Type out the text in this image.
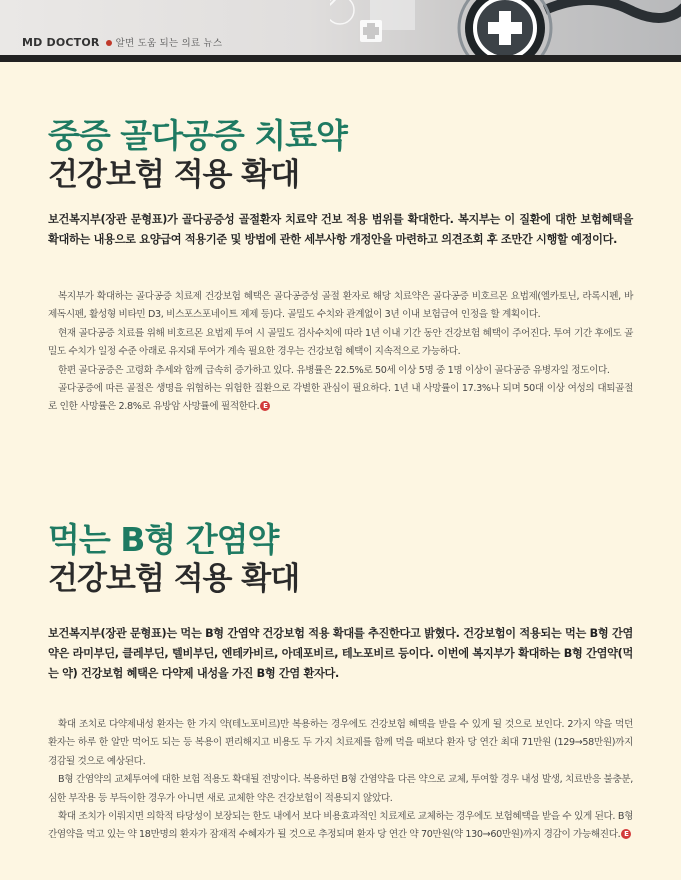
MD DOCTOR 알면 도움 되는 의료 뉴스
중증 골다공증 치료약
건강보험 적용 확대

보건복지부(장관 문형표)가 골다공증성 골절환자 치료약 건보 적용 범위를 확대한다. 복지부는 이 질환에 대한 보험혜택을 확대하는 내용으로 요양급여 적용기준 및 방법에 관한 세부사항 개정안을 마련하고 의견조회 후 조만간 시행할 예정이다.

복지부가 확대하는 골다공증 치료제 건강보험 혜택은 골다공증성 골절 환자로 해당 치료약은 골다공증 비호르몬 요법제(엘카토닌, 라록시펜, 바제독시펜, 활성형 비타민 D3, 비스포스포네이트 제제 등)다. 골밀도 수치와 관계없이 3년 이내 보험급여 인정을 할 계획이다.

현재 골다공증 치료를 위해 비호르몬 요법제 투여 시 골밀도 검사수치에 따라 1년 이내 기간 동안 건강보험 혜택이 주어진다. 투여 기간 후에도 골밀도 수치가 일정 수준 아래로 유지돼 투여가 계속 필요한 경우는 건강보험 혜택이 지속적으로 가능하다.

한편 골다공증은 고령화 추세와 함께 급속히 증가하고 있다. 유병률은 22.5%로 50세 이상 5명 중 1명 이상이 골다공증 유병자일 정도이다.

골다공증에 따른 골절은 생명을 위협하는 위험한 질환으로 각별한 관심이 필요하다. 1년 내 사망률이 17.3%나 되며 50대 이상 여성의 대퇴골절로 인한 사망률은 2.8%로 유방암 사망률에 필적한다. E

먹는 B형 간염약
건강보험 적용 확대

보건복지부(장관 문형표)는 먹는 B형 간염약 건강보험 적용 확대를 추진한다고 밝혔다. 건강보험이 적용되는 먹는 B형 간염약은 라미부딘, 클레부딘, 텔비부딘, 엔테카비르, 아데포비르, 테노포비르 등이다. 이번에 복지부가 확대하는 B형 간염약(먹는 약) 건강보험 혜택은 다약제 내성을 가진 B형 간염 환자다.

확대 조치로 다약제내성 환자는 한 가지 약(테노포비르)만 복용하는 경우에도 건강보험 혜택을 받을 수 있게 될 것으로 보인다. 2가지 약을 먹던 환자는 하루 한 알만 먹어도 되는 등 복용이 편리해지고 비용도 두 가지 치료제를 함께 먹을 때보다 환자 당 연간 최대 71만원 (129→58만원)까지 경감될 것으로 예상된다.

B형 간염약의 교체투여에 대한 보험 적용도 확대될 전망이다. 복용하던 B형 간염약을 다른 약으로 교체, 투여할 경우 내성 발생, 치료반응 불충분, 심한 부작용 등 부득이한 경우가 아니면 새로 교체한 약은 건강보험이 적용되지 않았다.

확대 조치가 이뤄지면 의학적 타당성이 보장되는 한도 내에서 보다 비용효과적인 치료제로 교체하는 경우에도 보험혜택을 받을 수 있게 된다. B형 간염약을 먹고 있는 약 18만명의 환자가 잠재적 수혜자가 될 것으로 추정되며 환자 당 연간 약 70만원(약 130→60만원)까지 경감이 가능해진다. E
